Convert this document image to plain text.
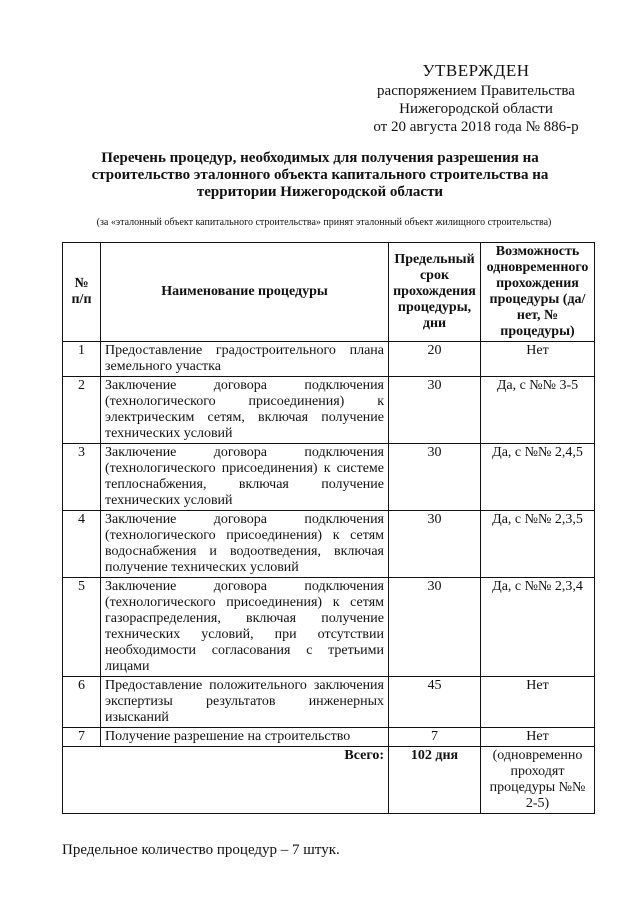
УТВЕРЖДЕН
распоряжением Правительства
Нижегородской области
от 20 августа 2018 года № 886-р
Перечень процедур, необходимых для получения разрешения на
строительство эталонного объекта капитального строительства на
территории Нижегородской области
(за «эталонный объект капитального строительства» принят эталонный объект жилищного строительства)
№ п/п	Наименование процедуры	Предельный срок прохождения процедуры, дни	Возможность одновременного прохождения процедуры (да/нет, № процедуры)
1	Предоставление градостроительного плана земельного участка	20	Нет
2	Заключение договора подключения (технологического присоединения) к электрическим сетям, включая получение технических условий	30	Да, с №№ 3-5
3	Заключение договора подключения (технологического присоединения) к системе теплоснабжения, включая получение технических условий	30	Да, с №№ 2,4,5
4	Заключение договора подключения (технологического присоединения) к сетям водоснабжения и водоотведения, включая получение технических условий	30	Да, с №№ 2,3,5
5	Заключение договора подключения (технологического присоединения) к сетям газораспределения, включая получение технических условий, при отсутствии необходимости согласования с третьими лицами	30	Да, с №№ 2,3,4
6	Предоставление положительного заключения экспертизы результатов инженерных изысканий	45	Нет
7	Получение разрешение на строительство	7	Нет
Всего:		102 дня	(одновременно проходят процедуры №№ 2-5)
Предельное количество процедур – 7 штук.
